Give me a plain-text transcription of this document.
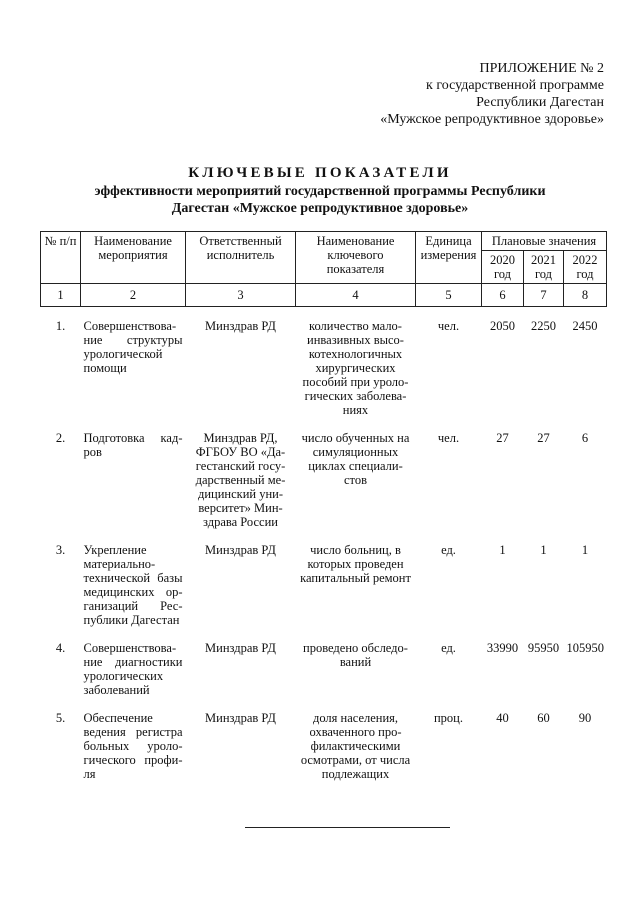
ПРИЛОЖЕНИЕ № 2
к государственной программе
Республики Дагестан
«Мужское репродуктивное здоровье»
КЛЮЧЕВЫЕ ПОКАЗАТЕЛИ
эффективности мероприятий государственной программы Республики
Дагестан «Мужское репродуктивное здоровье»
№ п/п	Наименование мероприятия	Ответственный исполнитель	Наименование ключевого показателя	Единица измерения	Плановые значения		
					2020 год	2021 год	2022 год
1	2	3	4	5	6	7	8
1.	Совершенствова-ние структуры урологической помощи	Минздрав РД	количество мало-инвазивных высо-котехнологичных хирургических пособий при уроло-гических заболева-ниях	чел.	2050	2250	2450
2.	Подготовка кад-ров	Минздрав РД, ФГБОУ ВО «Да-гестанский госу-дарственный ме-дицинский уни-верситет» Мин-здрава России	число обученных на симуляционных циклах специали-стов	чел.	27	27	6
3.	Укрепление материально-технической базы медицинских ор-ганизаций Рес-публики Дагестан	Минздрав РД	число больниц, в которых проведен капитальный ремонт	ед.	1	1	1
4.	Совершенствова-ние диагностики урологических заболеваний	Минздрав РД	проведено обследо-ваний	ед.	33990	95950	105950
5.	Обеспечение ведения регистра больных уроло-гического профи-ля	Минздрав РД	доля населения, охваченного про-филактическими осмотрами, от числа подлежащих	проц.	40	60	90
